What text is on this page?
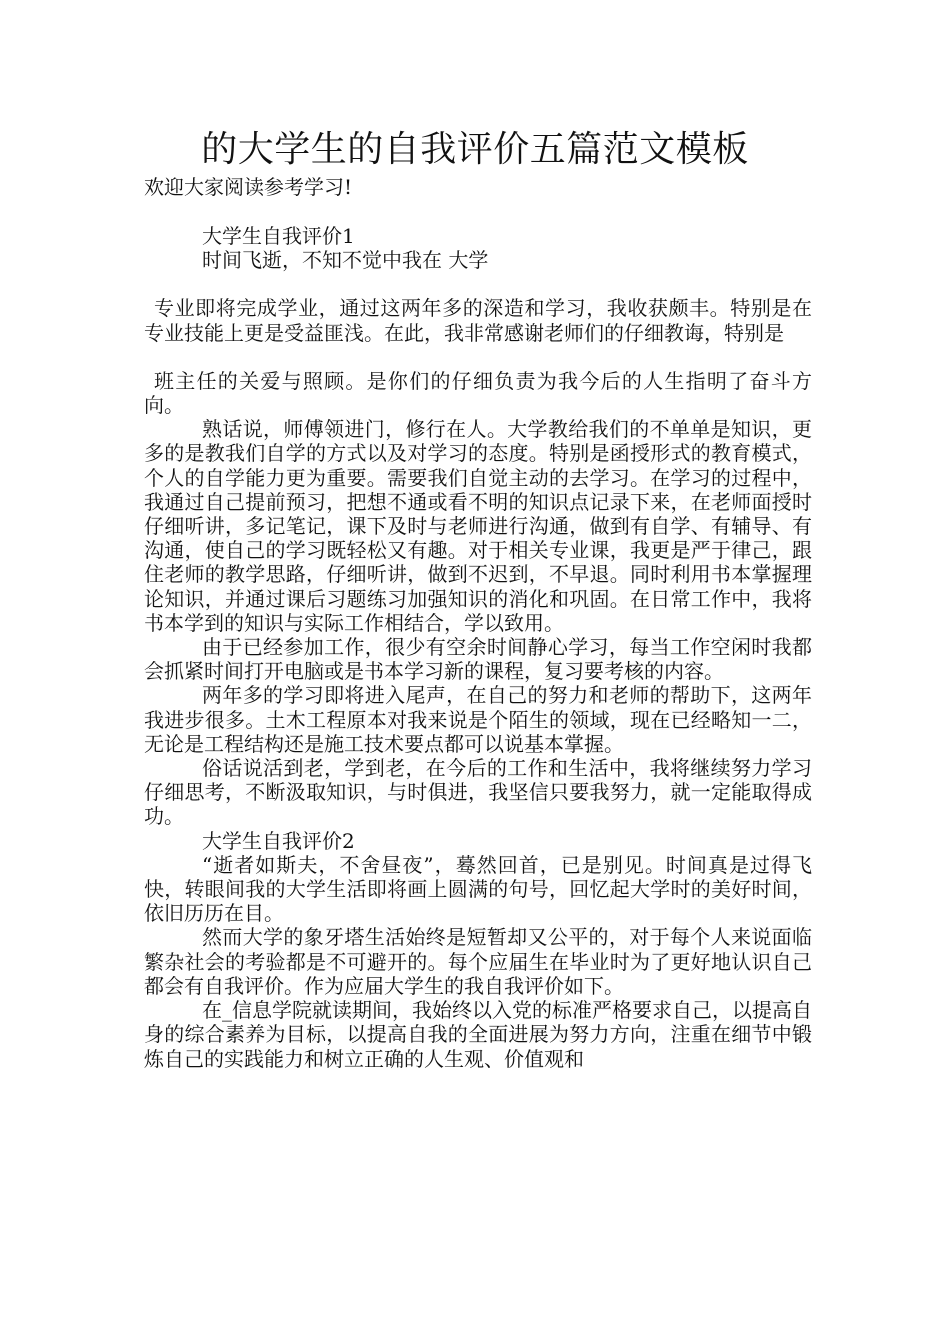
的大学生的自我评价五篇范文模板
欢迎大家阅读参考学习!

大学生自我评价1

时间飞逝，不知不觉中我在 大学

专业即将完成学业，通过这两年多的深造和学习，我收获颇丰。特别是在专业技能上更是受益匪浅。在此，我非常感谢老师们的仔细教诲，特别是

班主任的关爱与照顾。是你们的仔细负责为我今后的人生指明了奋斗方向。

熟话说，师傅领进门，修行在人。大学教给我们的不单单是知识，更多的是教我们自学的方式以及对学习的态度。特别是函授形式的教育模式，个人的自学能力更为重要。需要我们自觉主动的去学习。在学习的过程中，我通过自己提前预习，把想不通或看不明的知识点记录下来，在老师面授时仔细听讲，多记笔记，课下及时与老师进行沟通，做到有自学、有辅导、有沟通，使自己的学习既轻松又有趣。对于相关专业课，我更是严于律己，跟住老师的教学思路，仔细听讲，做到不迟到，不早退。同时利用书本掌握理论知识，并通过课后习题练习加强知识的消化和巩固。在日常工作中，我将书本学到的知识与实际工作相结合，学以致用。

由于已经参加工作，很少有空余时间静心学习，每当工作空闲时我都会抓紧时间打开电脑或是书本学习新的课程，复习要考核的内容。

两年多的学习即将进入尾声，在自己的努力和老师的帮助下，这两年我进步很多。土木工程原本对我来说是个陌生的领域，现在已经略知一二，无论是工程结构还是施工技术要点都可以说基本掌握。

俗话说活到老，学到老，在今后的工作和生活中，我将继续努力学习仔细思考，不断汲取知识，与时俱进，我坚信只要我努力，就一定能取得成功。

大学生自我评价2

“逝者如斯夫，不舍昼夜”，蓦然回首，已是别见。时间真是过得飞快，转眼间我的大学生活即将画上圆满的句号，回忆起大学时的美好时间，依旧历历在目。

然而大学的象牙塔生活始终是短暂却又公平的，对于每个人来说面临繁杂社会的考验都是不可避开的。每个应届生在毕业时为了更好地认识自己都会有自我评价。作为应届大学生的我自我评价如下。

在_信息学院就读期间，我始终以入党的标准严格要求自己，以提高自身的综合素养为目标，以提高自我的全面进展为努力方向，注重在细节中锻炼自己的实践能力和树立正确的人生观、价值观和
